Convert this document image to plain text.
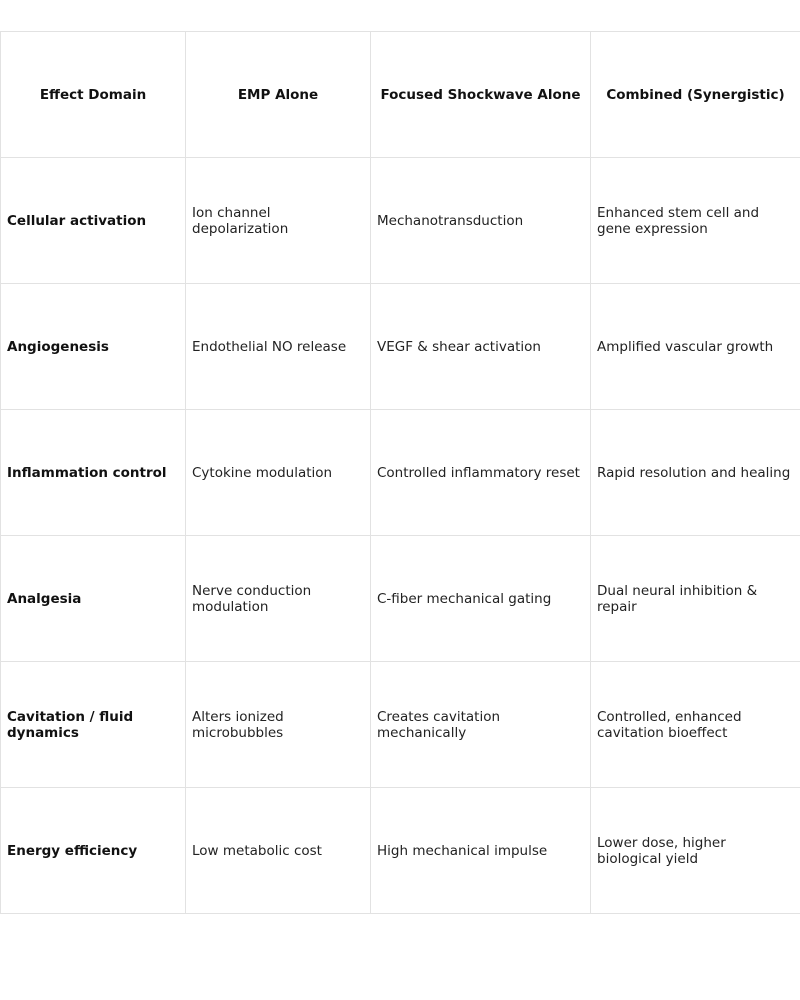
Effect Domain	EMP Alone	Focused Shockwave Alone	Combined (Synergistic)
Cellular activation	Ion channel depolarization	Mechanotransduction	Enhanced stem cell and gene expression
Angiogenesis	Endothelial NO release	VEGF & shear activation	Amplified vascular growth
Inflammation control	Cytokine modulation	Controlled inflammatory reset	Rapid resolution and healing
Analgesia	Nerve conduction modulation	C-fiber mechanical gating	Dual neural inhibition & repair
Cavitation / fluid dynamics	Alters ionized microbubbles	Creates cavitation mechanically	Controlled, enhanced cavitation bioeffect
Energy efficiency	Low metabolic cost	High mechanical impulse	Lower dose, higher biological yield
